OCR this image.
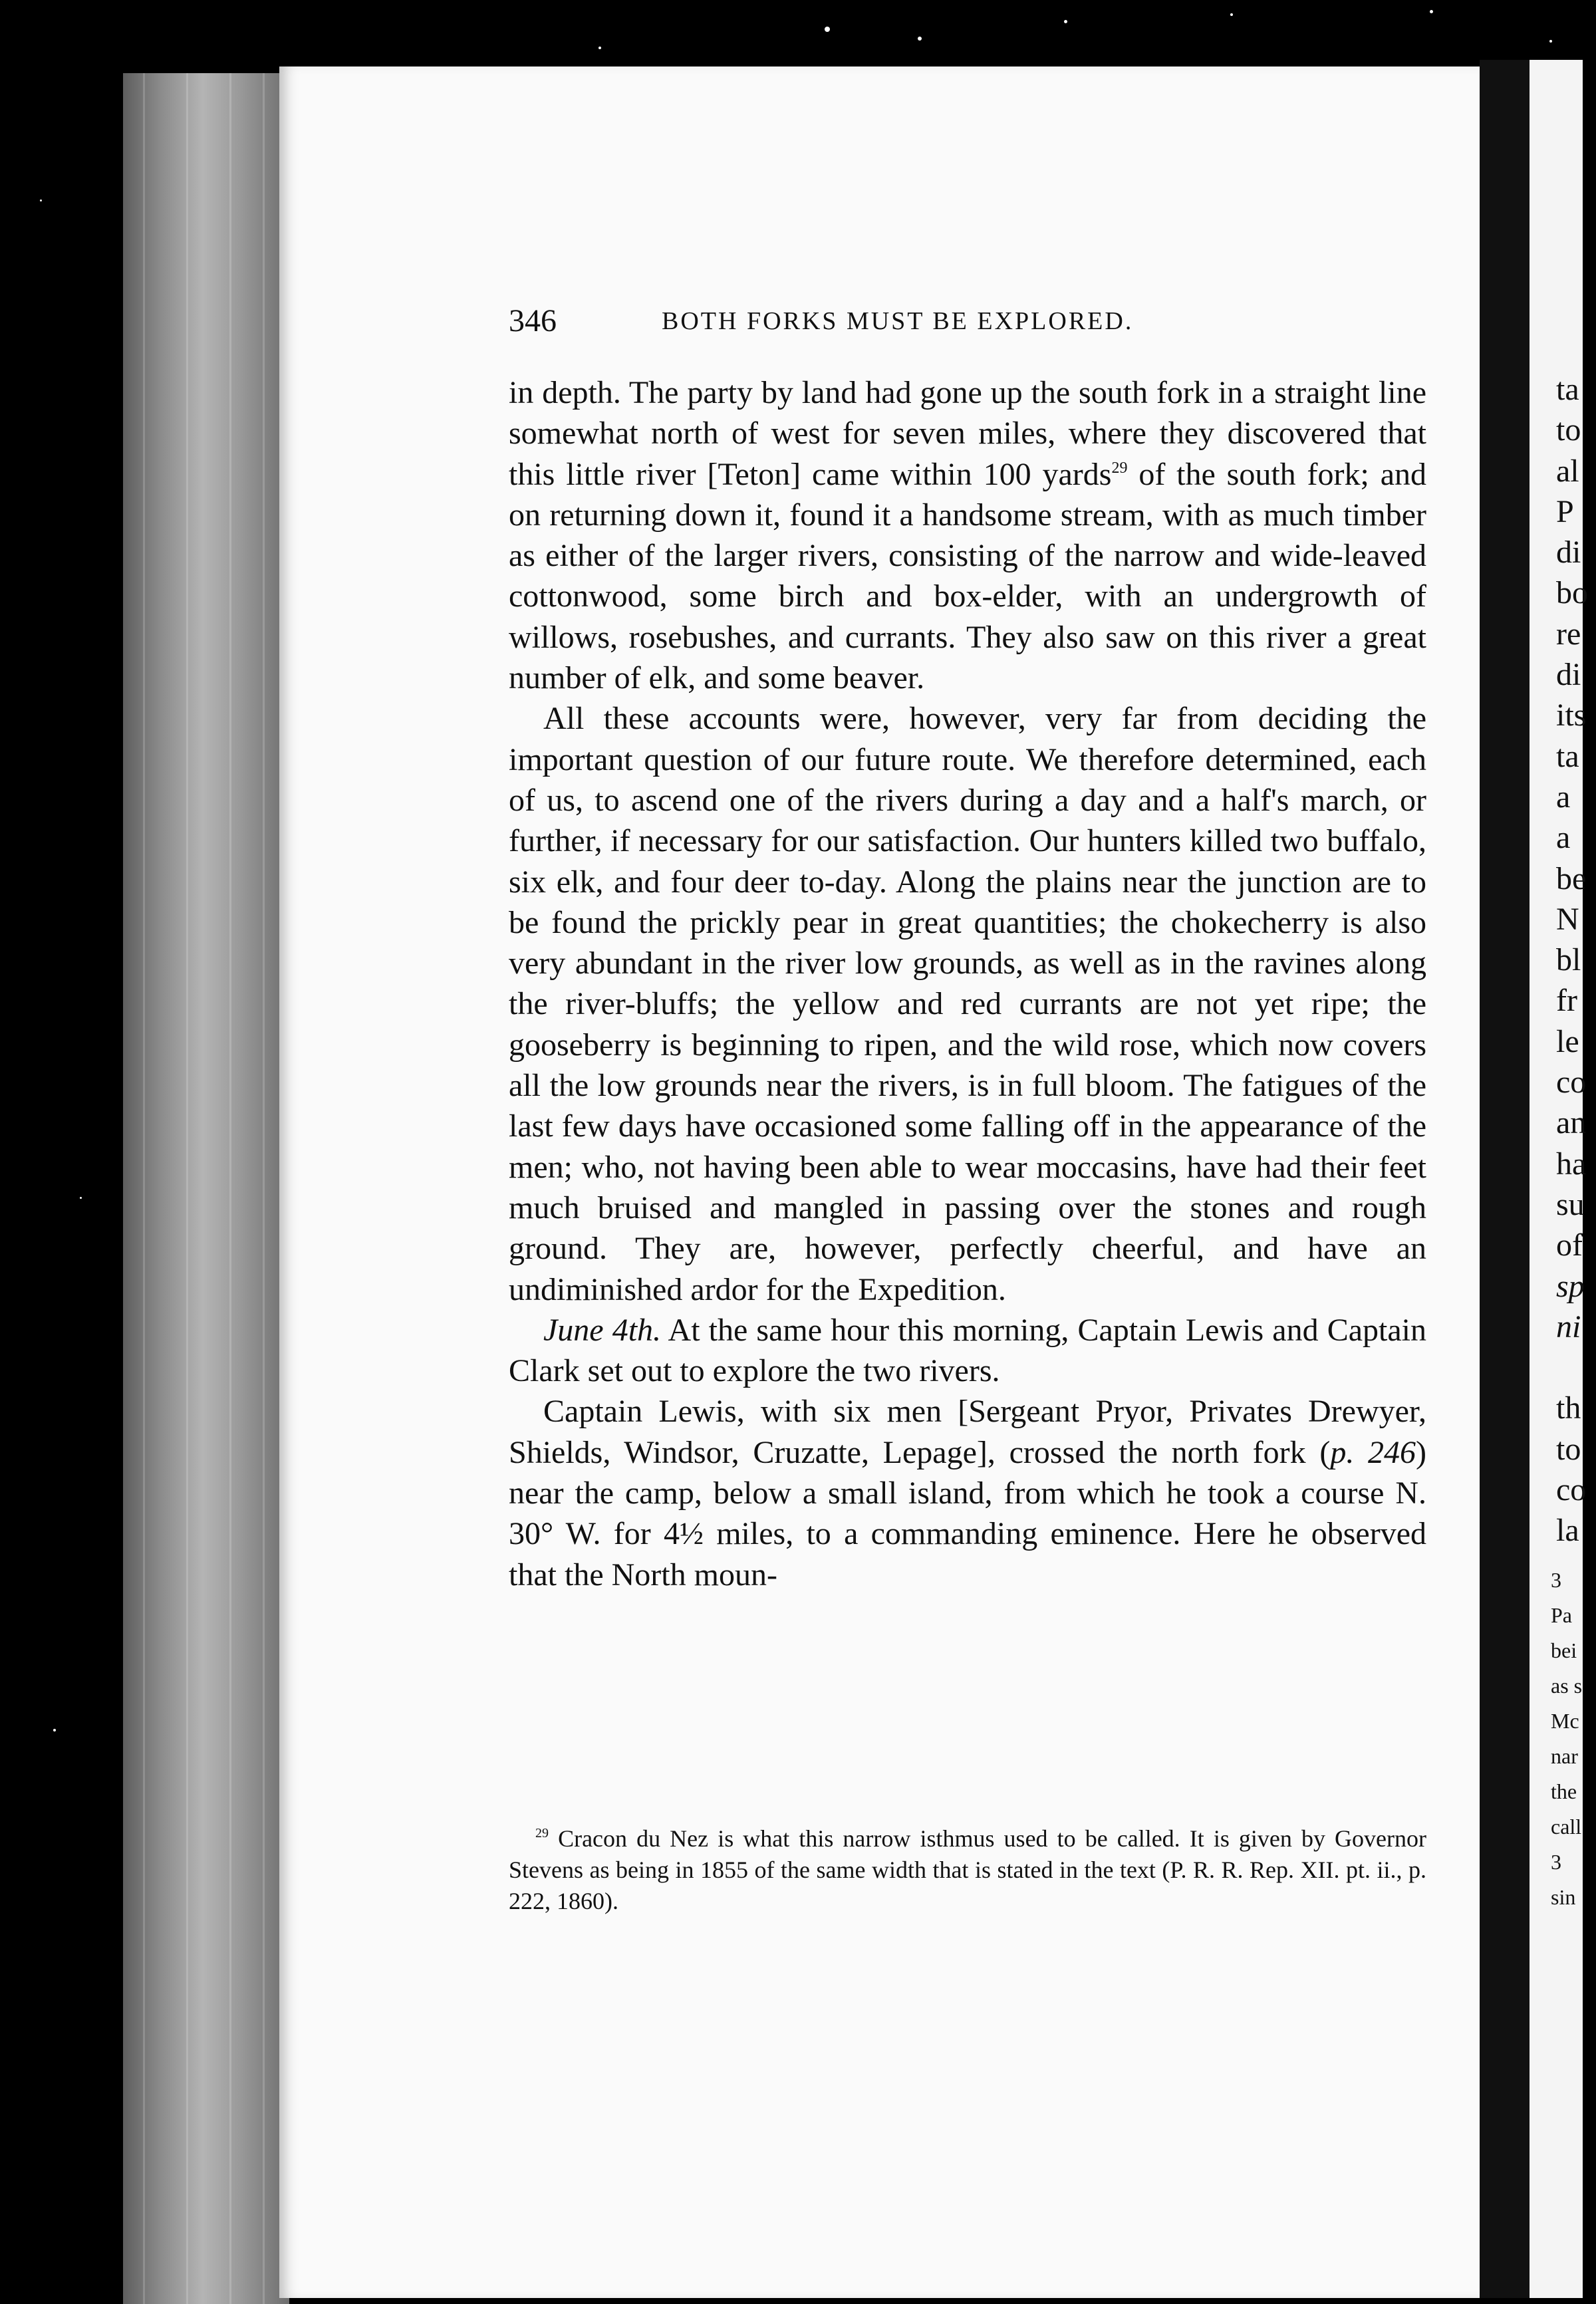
346	BOTH FORKS MUST BE EXPLORED.

in depth. The party by land had gone up the south fork in a straight line somewhat north of west for seven miles, where they discovered that this little river [Teton] came within 100 yards$^{29}$ of the south fork; and on returning down it, found it a handsome stream, with as much timber as either of the larger rivers, consisting of the narrow and wide-leaved cottonwood, some birch and box-elder, with an undergrowth of willows, rosebushes, and currants. They also saw on this river a great number of elk, and some beaver.

All these accounts were, however, very far from deciding the important question of our future route. We therefore determined, each of us, to ascend one of the rivers during a day and a half's march, or further, if necessary for our satisfaction. Our hunters killed two buffalo, six elk, and four deer to-day. Along the plains near the junction are to be found the prickly pear in great quantities; the chokecherry is also very abundant in the river low grounds, as well as in the ravines along the river-bluffs; the yellow and red currants are not yet ripe; the gooseberry is beginning to ripen, and the wild rose, which now covers all the low grounds near the rivers, is in full bloom. The fatigues of the last few days have occasioned some falling off in the appearance of the men; who, not having been able to wear moccasins, have had their feet much bruised and mangled in passing over the stones and rough ground. They are, however, perfectly cheerful, and have an undiminished ardor for the Expedition.

June 4th. At the same hour this morning, Captain Lewis and Captain Clark set out to explore the two rivers.

Captain Lewis, with six men [Sergeant Pryor, Privates Drewyer, Shields, Windsor, Cruzatte, Lepage], crossed the north fork (p. 246) near the camp, below a small island, from which he took a course N. 30° W. for 4½ miles, to a commanding eminence. Here he observed that the North moun-

$^{29}$ Cracon du Nez is what this narrow isthmus used to be called. It is given by Governor Stevens as being in 1855 of the same width that is stated in the text (P. R. R. Rep. XII. pt. ii., p. 222, 1860).

ta
to
al
P
di
bo
re
di
its
ta
a
a
be
N
bl
fr
le
co
an
ha
su
of
sp
ni
th
to
co
la
3
Pa
bei
as s
Mc
nar
the
call
3
sin
